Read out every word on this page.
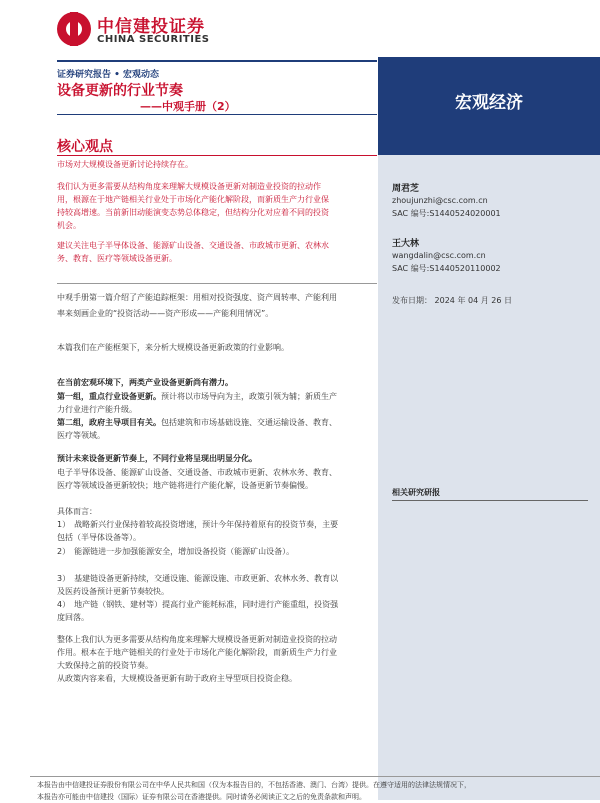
中信建投证券
CHINA SECURITIES
宏观经济
证券研究报告 • 宏观动态
设备更新的行业节奏
——中观手册（2）
核心观点

市场对大规模设备更新讨论持续存在。

我们认为更多需要从结构角度来理解大规模设备更新对制造业投资的拉动作用，根源在于地产链相关行业处于市场化产能化解阶段，而新质生产力行业保持较高增速。当前新旧动能演变态势总体稳定，但结构分化对应着不同的投资机会。

建议关注电子半导体设备、能源矿山设备、交通设备、市政城市更新、农林水务、教育、医疗等领域设备更新。

中观手册第一篇介绍了产能追踪框架：用相对投资强度、资产周转率、产能利用率来刻画企业的“投资活动——资产形成——产能利用情况”。

本篇我们在产能框架下，来分析大规模设备更新政策的行业影响。

在当前宏观环境下，两类产业设备更新尚有潜力。

第一组，重点行业设备更新。预计将以市场导向为主，政策引领为辅；新质生产力行业进行产能升级。

第二组，政府主导项目有关。包括建筑和市场基础设施、交通运输设备、教育、医疗等领域。

预计未来设备更新节奏上，不同行业将呈现出明显分化。

电子半导体设备、能源矿山设备、交通设备、市政城市更新、农林水务、教育、医疗等领域设备更新较快；地产链将进行产能化解，设备更新节奏偏慢。

具体而言：

1）　战略新兴行业保持着较高投资增速，预计今年保持着原有的投资节奏，主要包括（半导体设备等）。

2）　能源链进一步加强能源安全，增加设备投资（能源矿山设备）。

3）　基建链设备更新持续，交通设施、能源设施、市政更新、农林水务、教育以及医药设备预计更新节奏较快。

4）　地产链（钢铁、建材等）提高行业产能耗标准，同时进行产能重组，投资强度回落。

整体上我们认为更多需要从结构角度来理解大规模设备更新对制造业投资的拉动作用。根本在于地产链相关的行业处于市场化产能化解阶段，而新质生产力行业大致保持之前的投资节奏。

从政策内容来看，大规模设备更新有助于政府主导型项目投资企稳。

周君芝
zhoujunzhi@csc.com.cn
SAC 编号:S1440524020001
王大林
wangdalin@csc.com.cn
SAC 编号:S1440520110002
发布日期： 2024 年 04 月 26 日
相关研究研报
本报告由中信建投证券股份有限公司在中华人民共和国（仅为本报告目的，不包括香港、澳门、台湾）提供。在遵守适用的法律法规情况下，
本报告亦可能由中信建投（国际）证券有限公司在香港提供。同时请务必阅读正文之后的免责条款和声明。
